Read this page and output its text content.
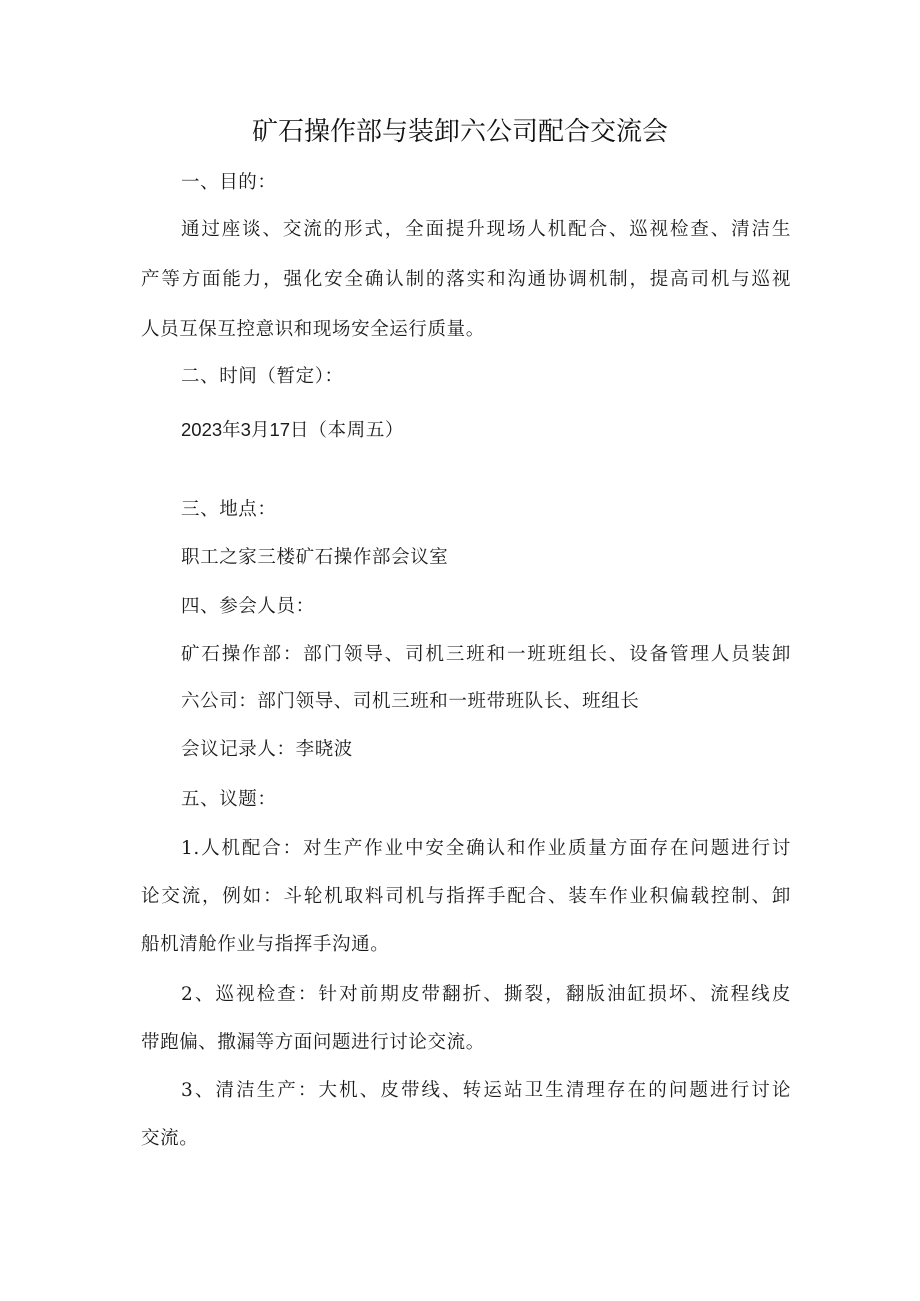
矿石操作部与装卸六公司配合交流会
一、目的：
通过座谈、交流的形式，全面提升现场人机配合、巡视检查、清洁生
产等方面能力，强化安全确认制的落实和沟通协调机制，提高司机与巡视
人员互保互控意识和现场安全运行质量。
二、时间（暂定）：
2023年3月17日（本周五）
三、地点：
职工之家三楼矿石操作部会议室
四、参会人员：
矿石操作部：部门领导、司机三班和一班班组长、设备管理人员装卸
六公司：部门领导、司机三班和一班带班队长、班组长
会议记录人：李晓波
五、议题：
1.人机配合：对生产作业中安全确认和作业质量方面存在问题进行讨
论交流，例如：斗轮机取料司机与指挥手配合、装车作业积偏载控制、卸
船机清舱作业与指挥手沟通。
2、巡视检查：针对前期皮带翻折、撕裂，翻版油缸损坏、流程线皮
带跑偏、撒漏等方面问题进行讨论交流。
3、清洁生产：大机、皮带线、转运站卫生清理存在的问题进行讨论
交流。
